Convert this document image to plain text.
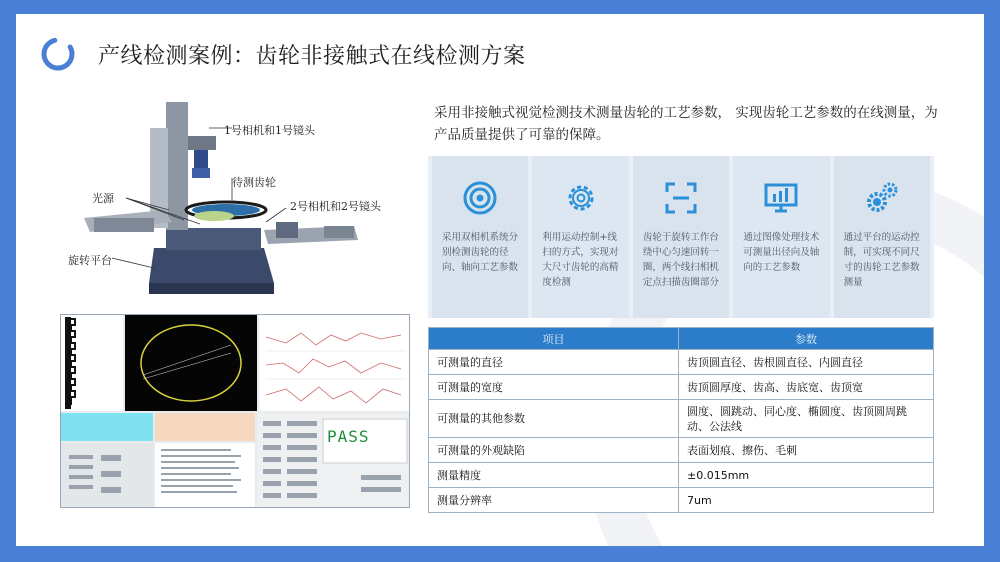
产线检测案例：齿轮非接触式在线检测方案
采用非接触式视觉检测技术测量齿轮的工艺参数， 实现齿轮工艺参数的在线测量，为产品质量提供了可靠的保障。
1号相机和1号镜头
待测齿轮
光源
2号相机和2号镜头
旋转平台
PASS
采用双相机系统分别检测齿轮的径向、轴向工艺参数
利用运动控制+线扫的方式，实现对大尺寸齿轮的高精度检测
齿轮于旋转工作台绕中心匀速回转一圈，两个线扫相机定点扫描齿圈部分
通过图像处理技术可测量出径向及轴向的工艺参数
通过平台的运动控制，可实现不同尺寸的齿轮工艺参数测量
项目	参数
可测量的直径	齿顶圆直径、齿根圆直径、内圆直径
可测量的宽度	齿顶圆厚度、齿高、齿底宽、齿顶宽
可测量的其他参数	圆度、圆跳动、同心度、椭圆度、齿顶圆周跳动、公法线
可测量的外观缺陷	表面划痕、擦伤、毛刺
测量精度	±0.015mm
测量分辨率	7um
